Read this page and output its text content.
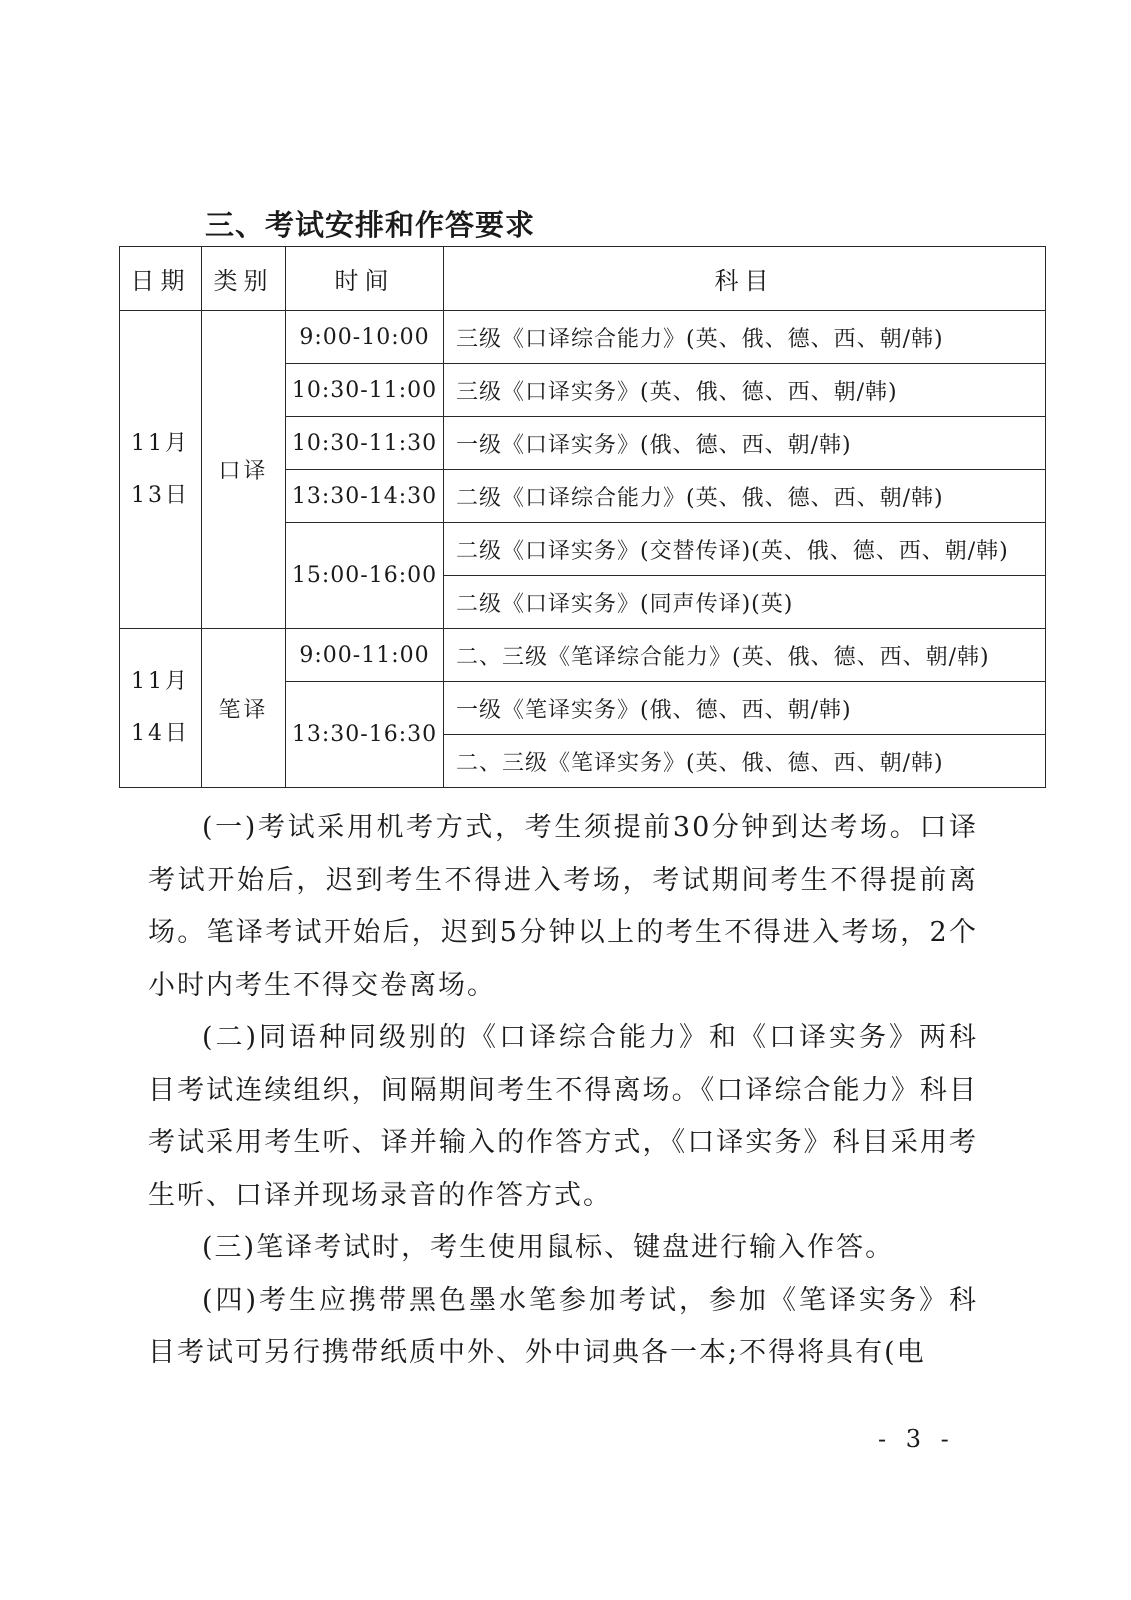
三、考试安排和作答要求
日期	类别	时间	科目

11月
13日	口译	9:00-10:00	三级《口译综合能力》(英、俄、德、西、朝/韩)
		10:30-11:00	三级《口译实务》(英、俄、德、西、朝/韩)
		10:30-11:30	一级《口译实务》(俄、德、西、朝/韩)
		13:30-14:30	二级《口译综合能力》(英、俄、德、西、朝/韩)
		15:00-16:00	二级《口译实务》(交替传译)(英、俄、德、西、朝/韩)
			二级《口译实务》(同声传译)(英)

11月
14日	笔译	9:00-11:00	二、三级《笔译综合能力》(英、俄、德、西、朝/韩)
		13:30-16:30	一级《笔译实务》(俄、德、西、朝/韩)
			二、三级《笔译实务》(英、俄、德、西、朝/韩)

(一)考试采用机考方式，考生须提前30分钟到达考场。口译考试开始后，迟到考生不得进入考场，考试期间考生不得提前离场。笔译考试开始后，迟到5分钟以上的考生不得进入考场，2个小时内考生不得交卷离场。

(二)同语种同级别的《口译综合能力》和《口译实务》两科目考试连续组织，间隔期间考生不得离场。《口译综合能力》科目考试采用考生听、译并输入的作答方式，《口译实务》科目采用考生听、口译并现场录音的作答方式。

(三)笔译考试时，考生使用鼠标、键盘进行输入作答。

(四)考生应携带黑色墨水笔参加考试，参加《笔译实务》科目考试可另行携带纸质中外、外中词典各一本;不得将具有(电

- 3 -
